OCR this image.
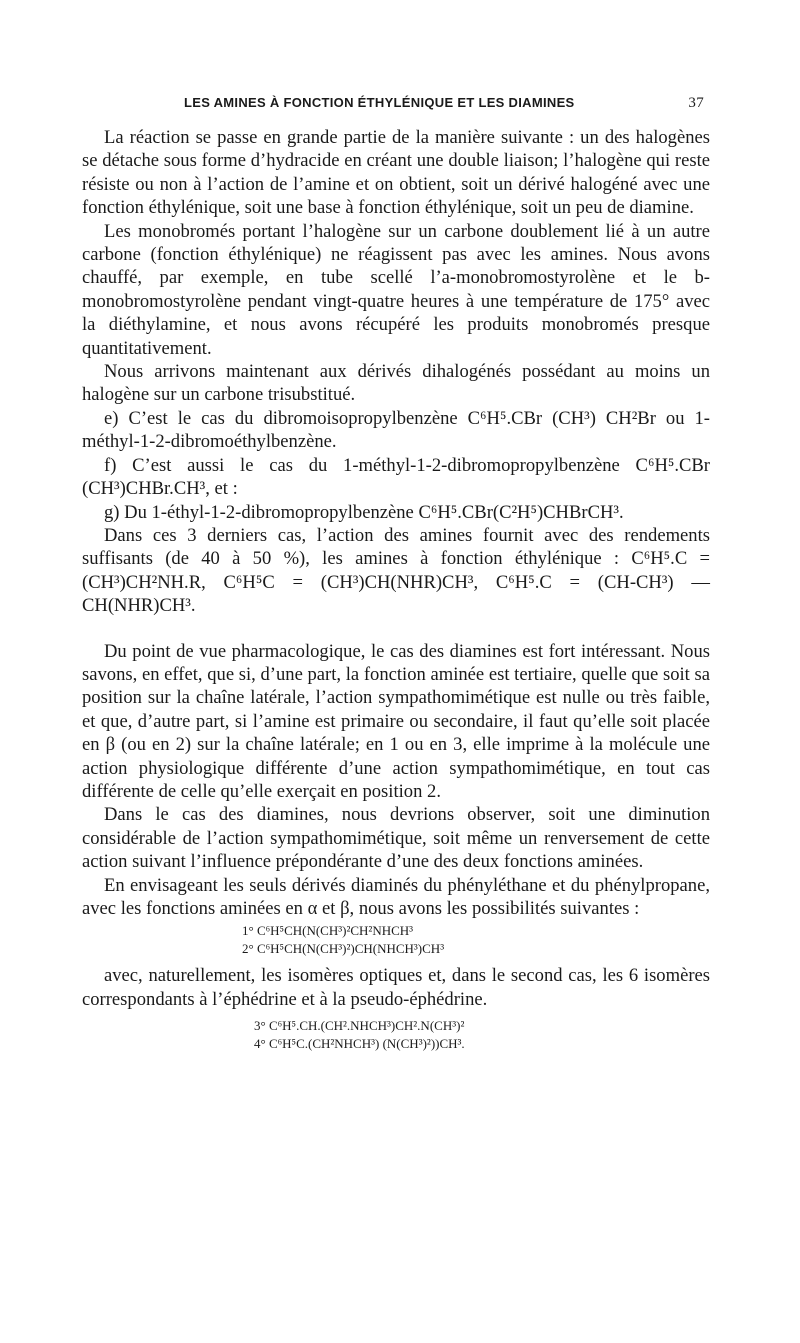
LES AMINES À FONCTION ÉTHYLÉNIQUE ET LES DIAMINES	37

La réaction se passe en grande partie de la manière suivante : un des halogènes se détache sous forme d’hydracide en créant une double liaison; l’halogène qui reste résiste ou non à l’action de l’amine et on obtient, soit un dérivé halogéné avec une fonction éthylénique, soit une base à fonction éthylénique, soit un peu de diamine.

Les monobromés portant l’halogène sur un carbone doublement lié à un autre carbone (fonction éthylénique) ne réagissent pas avec les amines. Nous avons chauffé, par exemple, en tube scellé l’a-monobromostyrolène et le b-monobromostyrolène pendant vingt-quatre heures à une température de 175° avec la diéthylamine, et nous avons récupéré les produits monobromés presque quantitativement.

Nous arrivons maintenant aux dérivés dihalogénés possédant au moins un halogène sur un carbone trisubstitué.

e) C’est le cas du dibromoisopropylbenzène C⁶H⁵.CBr (CH³) CH²Br ou 1-méthyl-1-2-dibromoéthylbenzène.

f) C’est aussi le cas du 1-méthyl-1-2-dibromopropylbenzène C⁶H⁵.CBr (CH³)CHBr.CH³, et :

g) Du 1-éthyl-1-2-dibromopropylbenzène C⁶H⁵.CBr(C²H⁵)CHBrCH³.

Dans ces 3 derniers cas, l’action des amines fournit avec des rendements suffisants (de 40 à 50 %), les amines à fonction éthylénique : C⁶H⁵.C = (CH³)CH²NH.R, C⁶H⁵C = (CH³)CH(NHR)CH³, C⁶H⁵.C = (CH-CH³) — CH(NHR)CH³.

Du point de vue pharmacologique, le cas des diamines est fort intéressant. Nous savons, en effet, que si, d’une part, la fonction aminée est tertiaire, quelle que soit sa position sur la chaîne latérale, l’action sympathomimétique est nulle ou très faible, et que, d’autre part, si l’amine est primaire ou secondaire, il faut qu’elle soit placée en β (ou en 2) sur la chaîne latérale; en 1 ou en 3, elle imprime à la molécule une action physiologique différente d’une action sympathomimétique, en tout cas différente de celle qu’elle exerçait en position 2.

Dans le cas des diamines, nous devrions observer, soit une diminution considérable de l’action sympathomimétique, soit même un renversement de cette action suivant l’influence prépondérante d’une des deux fonctions aminées.

En envisageant les seuls dérivés diaminés du phényléthane et du phénylpropane, avec les fonctions aminées en α et β, nous avons les possibilités suivantes :

1° C⁶H⁵CH(N(CH³)²CH²NHCH³
2° C⁶H⁵CH(N(CH³)²)CH(NHCH³)CH³

avec, naturellement, les isomères optiques et, dans le second cas, les 6 isomères correspondants à l’éphédrine et à la pseudo-éphédrine.

3° C⁶H⁵.CH.(CH².NHCH³)CH².N(CH³)²
4° C⁶H⁵C.(CH²NHCH³) (N(CH³)²))CH³.
